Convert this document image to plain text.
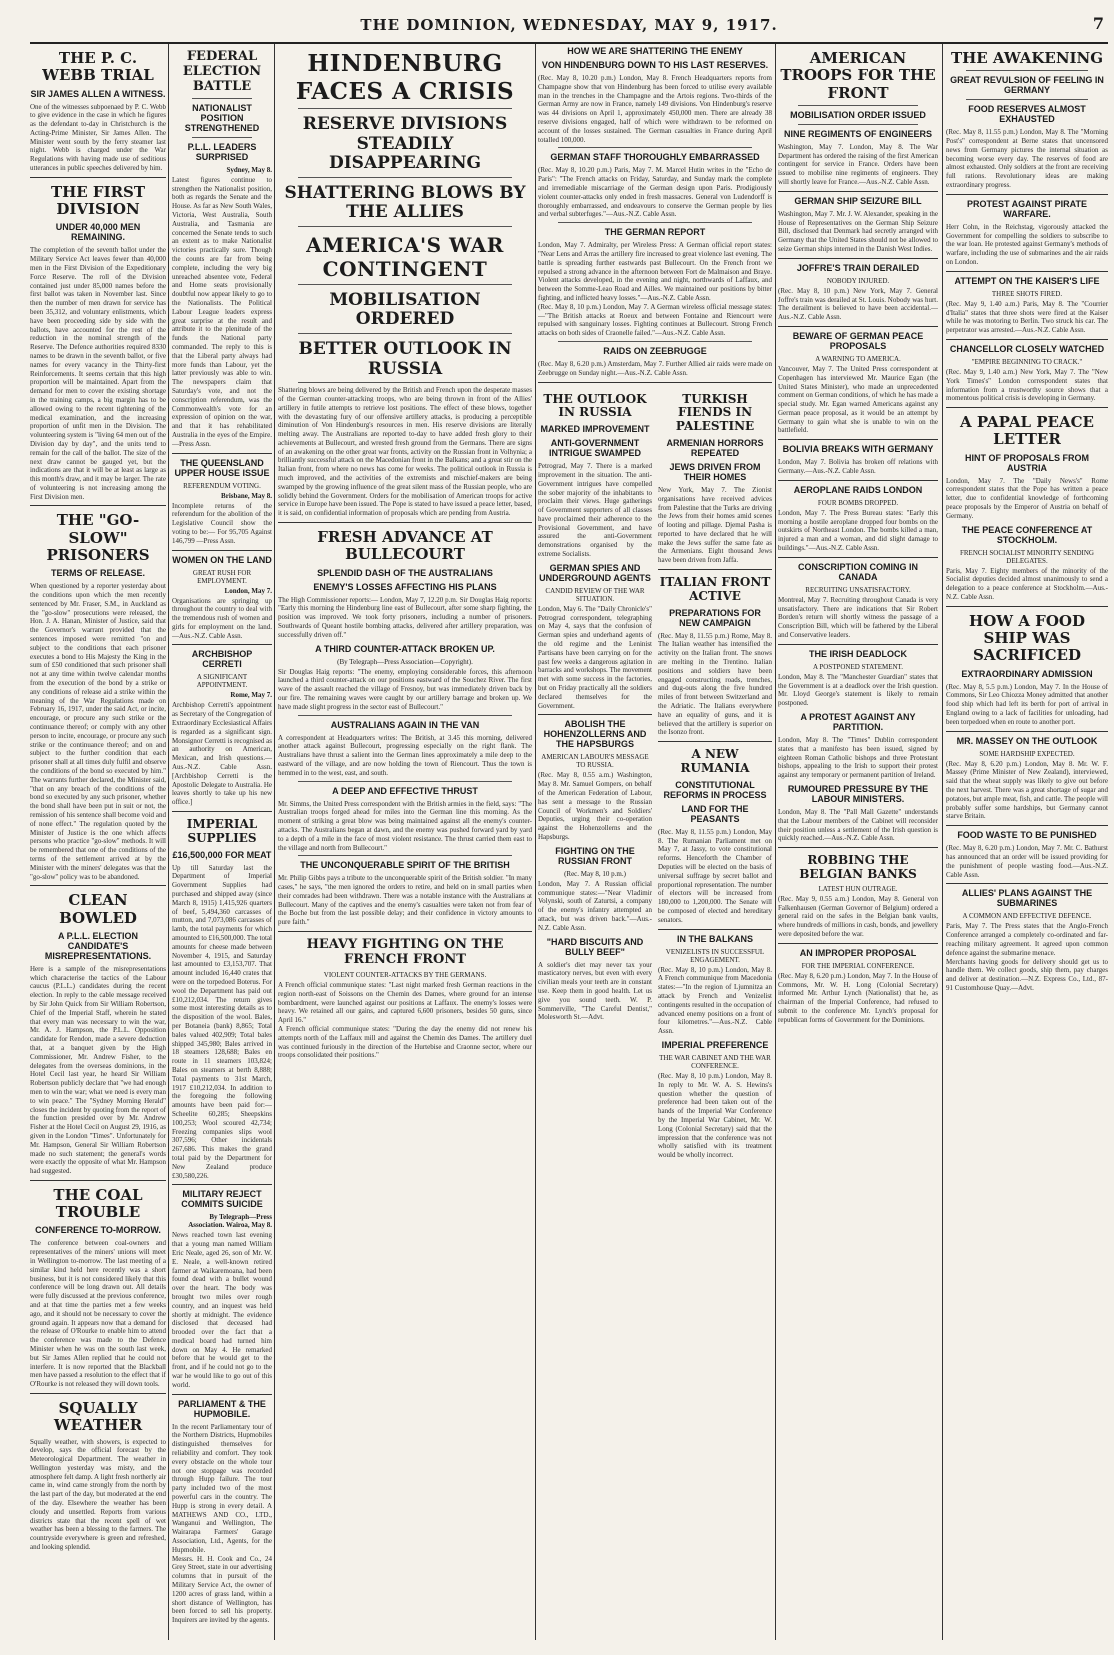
THE DOMINION, WEDNESDAY, MAY 9, 1917.	7
THE P. C. WEBB TRIAL
SIR JAMES ALLEN A WITNESS.
One of the witnesses subpoenaed by P. C. Webb to give evidence in the case in which he figures as the defendant to-day in Christchurch is the Acting-Prime Minister, Sir James Allen. The Minister went south by the ferry steamer last night. Webb is charged under the War Regulations with having made use of seditious utterances in public speeches delivered by him.
THE FIRST DIVISION
UNDER 40,000 MEN REMAINING.
The completion of the seventh ballot under the Military Service Act leaves fewer than 40,000 men in the First Division of the Expeditionary Force Reserve. The roll of the Division contained just under 85,000 names before the first ballot was taken in November last. Since then the number of men drawn for service has been 35,312, and voluntary enlistments, which have been proceeding side by side with the ballots, have accounted for the rest of the reduction in the nominal strength of the Reserve. The Defence authorities required 8330 names to be drawn in the seventh ballot, or five names for every vacancy in the Thirty-first Reinforcements. It seems certain that this high proportion will be maintained. Apart from the demand for men to cover the existing shortage in the training camps, a big margin has to be allowed owing to the recent tightening of the medical examination, and the increasing proportion of unfit men in the Division. The volunteering system is "living 64 men out of the Division day by day", and the units tend to remain for the call of the ballot. The size of the next draw cannot be gauged yet, but the indications are that it will be at least as large as this month's draw, and it may be larger. The rate of volunteering is not increasing among the First Division men.
THE "GO-SLOW" PRISONERS
TERMS OF RELEASE.
When questioned by a reporter yesterday about the conditions upon which the men recently sentenced by Mr. Fraser, S.M., in Auckland as the "go-slow" prosecutions were released, the Hon. J. A. Hanan, Minister of Justice, said that the Governor's warrant provided that the sentences imposed were remitted "on and subject to the conditions that each prisoner executes a bond to His Majesty the King in the sum of £50 conditioned that such prisoner shall not at any time within twelve calendar months from the execution of the bond by a strike or any conditions of release aid a strike within the meaning of the War Regulations made on February 16, 1917, under the said Act, or incite, encourage, or procure any such strike or the continuance thereof; or comply with any other person to incite, encourage, or procure any such strike or the continuance thereof; and on and subject to the further condition that each prisoner shall at all times duly fulfil and observe the conditions of the bond so executed by him." The warrants further declared, the Minister said, "that on any breach of the conditions of the bond so executed by any such prisoner, whether the bond shall have been put in suit or not, the remission of his sentence shall become void and of none effect." The regulation quoted by the Minister of Justice is the one which affects persons who practice "go-slow" methods. It will be remembered that one of the conditions of the terms of the settlement arrived at by the Minister with the miners' delegates was that the "go-slow" policy was to be abandoned.
CLEAN BOWLED
A P.L.L. ELECTION CANDIDATE'S MISREPRESENTATIONS.
Here is a sample of the misrepresentations which characterise the tactics of the Labour caucus (P.L.L.) candidates during the recent election. In reply to the cable message received by Sir John Quick from Sir William Robertson, Chief of the Imperial Staff, wherein he stated that every man was necessary to win the war, Mr. A. J. Hampson, the P.L.L. Opposition candidate for Rendon, made a severe deduction that, at a banquet given by the High Commissioner, Mr. Andrew Fisher, to the delegates from the overseas dominions, in the Hotel Cecil last year, he heard Sir William Robertson publicly declare that "we had enough men to win the war; what we need is every man to win peace." The "Sydney Morning Herald" closes the incident by quoting from the report of the function presided over by Mr. Andrew Fisher at the Hotel Cecil on August 29, 1916, as given in the London "Times". Unfortunately for Mr. Hampson, General Sir William Robertson made no such statement; the general's words were exactly the opposite of what Mr. Hampson had suggested.
THE COAL TROUBLE
CONFERENCE TO-MORROW.
The conference between coal-owners and representatives of the miners' unions will meet in Wellington to-morrow. The last meeting of a similar kind held here recently was a short business, but it is not considered likely that this conference will be long drawn out. All details were fully discussed at the previous conference, and at that time the parties met a few weeks ago, and it should not be necessary to cover the ground again. It appears now that a demand for the release of O'Rourke to enable him to attend the conference was made to the Defence Minister when he was on the south last week, but Sir James Allen replied that he could not interfere. It is now reported that the Blackball men have passed a resolution to the effect that if O'Rourke is not released they will down tools.
SQUALLY WEATHER
Squally weather, with showers, is expected to develop, says the official forecast by the Meteorological Department. The weather in Wellington yesterday was misty, and the atmosphere felt damp. A light fresh northerly air came in, wind came strongly from the north by the last part of the day, but moderated at the end of the day. Elsewhere the weather has been cloudy and unsettled. Reports from various districts state that the recent spell of wet weather has been a blessing to the farmers. The countryside everywhere is green and refreshed, and looking splendid.
FEDERAL ELECTION BATTLE
NATIONALIST POSITION STRENGTHENED
P.L.L. LEADERS SURPRISED
Sydney, May 8.
Latest figures continue to strengthen the Nationalist position, both as regards the Senate and the House. As far as New South Wales, Victoria, West Australia, South Australia, and Tasmania are concerned the Senate tends to such an extent as to make Nationalist victories practically sure. Though the counts are far from being complete, including the very big unreached absentee vote, Federal and Home seats provisionally doubtful now appear likely to go to the Nationalists. The Political Labour League leaders express great surprise at the result and attribute it to the plenitude of the funds the National party commanded. The reply to this is that the Liberal party always had more funds than Labour, yet the latter previously was able to win. The newspapers claim that Saturday's vote, and not the conscription referendum, was the Commonwealth's vote for an expression of opinion on the war, and that it has rehabilitated Australia in the eyes of the Empire.—Press Assn.
THE QUEENSLAND UPPER HOUSE ISSUE
REFERENDUM VOTING.
Brisbane, May 8.
Incomplete returns of the referendum for the abolition of the Legislative Council show the voting to be:— For 95,705 Against 146,799 —Press Assn.
WOMEN ON THE LAND
GREAT RUSH FOR EMPLOYMENT.
London, May 7.
Organisations are springing up throughout the country to deal with the tremendous rush of women and girls for employment on the land.—Aus.-N.Z. Cable Assn.
ARCHBISHOP CERRETI
A SIGNIFICANT APPOINTMENT.
Rome, May 7.
Archbishop Cerretti's appointment as Secretary of the Congregation of Extraordinary Ecclesiastical Affairs is regarded as a significant sign. Monsignor Cerretti is recognised as an authority on American, Mexican, and Irish questions.—Aus.-N.Z. Cable Assn. [Archbishop Cerretti is the Apostolic Delegate to Australia. He leaves shortly to take up his new office.]
IMPERIAL SUPPLIES
£16,500,000 FOR MEAT
Up till Saturday last the Department of Imperial Government Supplies had purchased and shipped away (since March 8, 1915) 1,415,926 quarters of beef, 5,494,360 carcasses of mutton, and 7,073,086 carcasses of lamb, the total payments for which amounted to £16,500,000. The total amounts for cheese made between November 4, 1915, and Saturday last amounted to £3,153,707. That amount included 16,440 crates that were on the torpedoed Boterus. For wool the Department has paid out £10,212,034. The return gives some most interesting details as to the disposition of the wool. Bales, per Botaneia (bank) 8,865; Total bales valued 402,909; Total bales shipped 345,980; Bales arrived in 18 steamers 128,688; Bales en route in 11 steamers 103,824; Bales on steamers at berth 8,888; Total payments to 31st March, 1917 £10,212,034. In addition to the foregoing the following amounts have been paid for:— Scheelite 60,285; Sheepskins 100,253; Wool scoured 42,734; Freezing companies slips wool 307,596; Other incidentals 267,686. This makes the grand total paid by the Department for New Zealand produce £30,580,226.
MILITARY REJECT COMMITS SUICIDE
By Telegraph—Press Association. Wairoa, May 8.
News reached town last evening that a young man named William Eric Neale, aged 26, son of Mr. W. E. Neale, a well-known retired farmer at Waikaremoana, had been found dead with a bullet wound over the heart. The body was brought two miles over rough country, and an inquest was held shortly at midnight. The evidence disclosed that deceased had brooded over the fact that a medical board had turned him down on May 4. He remarked before that he would get to the front, and if he could not go to the war he would like to go out of this world.
PARLIAMENT & THE HUPMOBILE.
In the recent Parliamentary tour of the Northern Districts, Hupmobiles distinguished themselves for reliability and comfort. They took every obstacle on the whole tour not one stoppage was recorded through Hupp failure. The tour party included two of the most powerful cars in the country. The Hupp is strong in every detail. A MATHEWS AND CO., LTD., Wanganui and Wellington, The Wairarapa Farmers' Garage Association, Ltd., Agents, for the Hupmobile.
Messrs. H. H. Cook and Co., 24 Grey Street, state in our advertising columns that in pursuit of the Military Service Act, the owner of 1200 acres of grass land, within a short distance of Wellington, has been forced to sell his property. Inquirers are invited by the agents.
HINDENBURG FACES A CRISIS
RESERVE DIVISIONS STEADILY DISAPPEARING
SHATTERING BLOWS BY THE ALLIES
AMERICA'S WAR CONTINGENT
MOBILISATION ORDERED
BETTER OUTLOOK IN RUSSIA
Shattering blows are being delivered by the British and French upon the desperate masses of the German counter-attacking troops, who are being thrown in front of the Allies' artillery in futile attempts to retrieve lost positions. The effect of these blows, together with the devastating fury of our offensive artillery attacks, is producing a perceptible diminution of Von Hindenburg's resources in men. His reserve divisions are literally melting away. The Australians are reported to-day to have added fresh glory to their achievements at Bullecourt, and wrested fresh ground from the Germans. There are signs of an awakening on the other great war fronts, activity on the Russian front in Volhynia; a brilliantly successful attack on the Macedonian front in the Balkans; and a great stir on the Italian front, from where no news has come for weeks. The political outlook in Russia is much improved, and the activities of the extremists and mischief-makers are being swamped by the growing influence of the great silent mass of the Russian people, who are solidly behind the Government. Orders for the mobilisation of American troops for active service in Europe have been issued. The Pope is stated to have issued a peace letter, based, it is said, on confidential information of proposals which are pending from Austria.
FRESH ADVANCE AT BULLECOURT
SPLENDID DASH OF THE AUSTRALIANS
ENEMY'S LOSSES AFFECTING HIS PLANS
The High Commissioner reports:— London, May 7, 12.20 p.m. Sir Douglas Haig reports: "Early this morning the Hindenburg line east of Bullecourt, after some sharp fighting, the position was improved. We took forty prisoners, including a number of prisoners. Southwards of Queant hostile bombing attacks, delivered after artillery preparation, was successfully driven off."
A THIRD COUNTER-ATTACK BROKEN UP.
(By Telegraph—Press Association—Copyright).
Sir Douglas Haig reports: "The enemy, employing considerable forces, this afternoon launched a third counter-attack on our positions eastward of the Souchez River. The first wave of the assault reached the village of Fresnoy, but was immediately driven back by our fire. The remaining waves were caught by our artillery barrage and broken up. We have made slight progress in the sector east of Bullecourt."
AUSTRALIANS AGAIN IN THE VAN
A correspondent at Headquarters writes: The British, at 3.45 this morning, delivered another attack against Bullecourt, progressing especially on the right flank. The Australians have thrust a salient into the German lines approximately a mile deep to the eastward of the village, and are now holding the town of Riencourt. Thus the town is hemmed in to the west, east, and south.
A DEEP AND EFFECTIVE THRUST
Mr. Simms, the United Press correspondent with the British armies in the field, says: "The Australian troops forged ahead for miles into the German line this morning. As the moment of striking a great blow was being maintained against all the enemy's counter-attacks. The Australians began at dawn, and the enemy was pushed forward yard by yard to a depth of a mile in the face of most violent resistance. The thrust carried them east to the village and north from Bullecourt."
THE UNCONQUERABLE SPIRIT OF THE BRITISH
Mr. Philip Gibbs pays a tribute to the unconquerable spirit of the British soldier. "In many cases," he says, "the men ignored the orders to retire, and held on in small parties when their comrades had been withdrawn. There was a notable instance with the Australians at Bullecourt. Many of the captives and the enemy's casualties were taken not from fear of the Boche but from the last possible delay; and their confidence in victory amounts to pure faith."
HEAVY FIGHTING ON THE FRENCH FRONT
VIOLENT COUNTER-ATTACKS BY THE GERMANS.
A French official communique states: "Last night marked fresh German reactions in the region north-east of Soissons on the Chemin des Dames, where ground for an intense bombardment, were launched against our positions at Laffaux. The enemy's losses were heavy. We retained all our gains, and captured 6,600 prisoners, besides 50 guns, since April 16."
A French official communique states: "During the day the enemy did not renew his attempts north of the Laffaux mill and against the Chemin des Dames. The artillery duel was continued furiously in the direction of the Hurtebise and Craonne sector, where our troops consolidated their positions."
HOW WE ARE SHATTERING THE ENEMY
VON HINDENBURG DOWN TO HIS LAST RESERVES.
(Rec. May 8, 10.20 p.m.) London, May 8. French Headquarters reports from Champagne show that von Hindenburg has been forced to utilise every available man in the trenches in the Champagne and the Artois regions. Two-thirds of the German Army are now in France, namely 149 divisions. Von Hindenburg's reserve was 44 divisions on April 1, approximately 450,000 men. There are already 38 reserve divisions engaged, half of which were withdrawn to be reformed on account of the losses sustained. The German casualties in France during April totalled 100,000.
GERMAN STAFF THOROUGHLY EMBARRASSED
(Rec. May 8, 10.20 p.m.) Paris, May 7. M. Marcel Hutin writes in the "Echo de Paris": "The French attacks on Friday, Saturday, and Sunday mark the complete and irremediable miscarriage of the German design upon Paris. Prodigiously violent counter-attacks only ended in fresh massacres. General von Ludendorff is thoroughly embarrassed, and endeavours to conserve the German people by lies and verbal subterfuges."—Aus.-N.Z. Cable Assn.
THE GERMAN REPORT
London, May 7. Admiralty, per Wireless Press: A German official report states: "Near Lens and Arras the artillery fire increased to great violence last evening. The battle is spreading further eastwards past Bullecourt. On the French front we repulsed a strong advance in the afternoon between Fort de Malmaison and Braye. Violent attacks developed, in the evening and night, northwards of Laffaux, and between the Somme-Leao Road and Ailles. We maintained our positions by bitter fighting, and inflicted heavy losses."—Aus.-N.Z. Cable Assn.
(Rec. May 8, 10 p.m.) London, May 7. A German wireless official message states:—"The British attacks at Roeux and between Fontaine and Riencourt were repulsed with sanguinary losses. Fighting continues at Bullecourt. Strong French attacks on both sides of Craonelle failed."—Aus.-N.Z. Cable Assn.
RAIDS ON ZEEBRUGGE
(Rec. May 8, 6.20 p.m.) Amsterdam, May 7. Further Allied air raids were made on Zeebrugge on Sunday night.—Aus.-N.Z. Cable Assn.
THE OUTLOOK IN RUSSIA
MARKED IMPROVEMENT
ANTI-GOVERNMENT INTRIGUE SWAMPED
Petrograd, May 7. There is a marked improvement in the situation. The anti-Government intrigues have compelled the sober majority of the inhabitants to proclaim their views. Huge gatherings of Government supporters of all classes have proclaimed their adherence to the Provisional Government, and have assured the anti-Government demonstrations organised by the extreme Socialists.
GERMAN SPIES AND UNDERGROUND AGENTS
CANDID REVIEW OF THE WAR SITUATION.
London, May 6. The "Daily Chronicle's" Petrograd correspondent, telegraphing on May 4, says that the confusion of German spies and underhand agents of the old regime and the Leninist Partisans have been carrying on for the past few weeks a dangerous agitation in barracks and workshops. The movement met with some success in the factories, but on Friday practically all the soldiers declared themselves for the Government.
ABOLISH THE HOHENZOLLERNS AND THE HAPSBURGS
AMERICAN LABOUR'S MESSAGE TO RUSSIA.
(Rec. May 8, 0.55 a.m.) Washington, May 8. Mr. Samuel Gompers, on behalf of the American Federation of Labour, has sent a message to the Russian Council of Workmen's and Soldiers' Deputies, urging their co-operation against the Hohenzollerns and the Hapsburgs.
FIGHTING ON THE RUSSIAN FRONT
(Rec. May 8, 10 p.m.)
London, May 7. A Russian official communique states:—"Near Vladimir Volynski, south of Zaturtsi, a company of the enemy's infantry attempted an attack, but was driven back."—Aus.-N.Z. Cable Assn.
"HARD BISCUITS AND BULLY BEEF"
A soldier's diet may never tax your masticatory nerves, but even with every civilian meals your teeth are in constant use. Keep them in good health. Let us give you sound teeth. W. P. Sommerville, "The Careful Dentist," Molesworth St.—Advt.
TURKISH FIENDS IN PALESTINE
ARMENIAN HORRORS REPEATED
JEWS DRIVEN FROM THEIR HOMES
New York, May 7. The Zionist organisations have received advices from Palestine that the Turks are driving the Jews from their homes amid scenes of looting and pillage. Djemal Pasha is reported to have declared that he will make the Jews suffer the same fate as the Armenians. Eight thousand Jews have been driven from Jaffa.
ITALIAN FRONT ACTIVE
PREPARATIONS FOR NEW CAMPAIGN
(Rec. May 8, 11.55 p.m.) Rome, May 8. The Italian weather has intensified the activity on the Italian front. The snows are melting in the Trentino. Italian positions and soldiers have been engaged constructing roads, trenches, and dug-outs along the five hundred miles of front between Switzerland and the Adriatic. The Italians everywhere have an equality of guns, and it is believed that the artillery is superior on the Isonzo front.
A NEW RUMANIA
CONSTITUTIONAL REFORMS IN PROCESS
LAND FOR THE PEASANTS
(Rec. May 8, 11.55 p.m.) London, May 8. The Rumanian Parliament met on May 7, at Jassy, to vote constitutional reforms. Henceforth the Chamber of Deputies will be elected on the basis of universal suffrage by secret ballot and proportional representation. The number of electors will be increased from 180,000 to 1,200,000. The Senate will be composed of elected and hereditary senators.
IN THE BALKANS
VENIZELISTS IN SUCCESSFUL ENGAGEMENT.
(Rec. May 8, 10 p.m.) London, May 8. A French communique from Macedonia states:—"In the region of Ljumnitza an attack by French and Venizelist contingents resulted in the occupation of advanced enemy positions on a front of four kilometres."—Aus.-N.Z. Cable Assn.
IMPERIAL PREFERENCE
THE WAR CABINET AND THE WAR CONFERENCE.
(Rec. May 8, 10 p.m.) London, May 8. In reply to Mr. W. A. S. Hewins's question whether the question of preference had been taken out of the hands of the Imperial War Conference by the Imperial War Cabinet, Mr. W. Long (Colonial Secretary) said that the impression that the conference was not wholly satisfied with its treatment would be wholly incorrect.
AMERICAN TROOPS FOR THE FRONT
MOBILISATION ORDER ISSUED
NINE REGIMENTS OF ENGINEERS
Washington, May 7. London, May 8. The War Department has ordered the raising of the first American contingent for service in France. Orders have been issued to mobilise nine regiments of engineers. They will shortly leave for France.—Aus.-N.Z. Cable Assn.
GERMAN SHIP SEIZURE BILL
Washington, May 7. Mr. J. W. Alexander, speaking in the House of Representatives on the German Ship Seizure Bill, disclosed that Denmark had secretly arranged with Germany that the United States should not be allowed to seize German ships interned in the Danish West Indies.
JOFFRE'S TRAIN DERAILED
NOBODY INJURED.
(Rec. May 8, 10 p.m.) New York, May 7. General Joffre's train was derailed at St. Louis. Nobody was hurt. The derailment is believed to have been accidental.—Aus.-N.Z. Cable Assn.
BEWARE OF GERMAN PEACE PROPOSALS
A WARNING TO AMERICA.
Vancouver, May 7. The United Press correspondent at Copenhagen has interviewed Mr. Maurice Egan (the United States Minister), who made an unprecedented comment on German conditions, of which he has made a special study. Mr. Egan warned Americans against any German peace proposal, as it would be an attempt by Germany to gain what she is unable to win on the battlefield.
BOLIVIA BREAKS WITH GERMANY
London, May 7. Bolivia has broken off relations with Germany.—Aus.-N.Z. Cable Assn.
AEROPLANE RAIDS LONDON
FOUR BOMBS DROPPED.
London, May 7. The Press Bureau states: "Early this morning a hostile aeroplane dropped four bombs on the outskirts of Northeast London. The bombs killed a man, injured a man and a woman, and did slight damage to buildings."—Aus.-N.Z. Cable Assn.
CONSCRIPTION COMING IN CANADA
RECRUITING UNSATISFACTORY.
Montreal, May 7. Recruiting throughout Canada is very unsatisfactory. There are indications that Sir Robert Borden's return will shortly witness the passage of a Conscription Bill, which will be fathered by the Liberal and Conservative leaders.
THE IRISH DEADLOCK
A POSTPONED STATEMENT.
London, May 8. The "Manchester Guardian" states that the Government is at a deadlock over the Irish question. Mr. Lloyd George's statement is likely to remain postponed.
A PROTEST AGAINST ANY PARTITION.
London, May 8. The "Times" Dublin correspondent states that a manifesto has been issued, signed by eighteen Roman Catholic bishops and three Protestant bishops, appealing to the Irish to support their protest against any temporary or permanent partition of Ireland.
RUMOURED PRESSURE BY THE LABOUR MINISTERS.
London, May 8. The "Pall Mall Gazette" understands that the Labour members of the Cabinet will reconsider their position unless a settlement of the Irish question is quickly reached.—Aus.-N.Z. Cable Assn.
ROBBING THE BELGIAN BANKS
LATEST HUN OUTRAGE.
(Rec. May 9, 0.55 a.m.) London, May 8. General von Falkenhausen (German Governor of Belgium) ordered a general raid on the safes in the Belgian bank vaults, where hundreds of millions in cash, bonds, and jewellery were deposited before the war.
AN IMPROPER PROPOSAL
FOR THE IMPERIAL CONFERENCE.
(Rec. May 8, 6.20 p.m.) London, May 7. In the House of Commons, Mr. W. H. Long (Colonial Secretary) informed Mr. Arthur Lynch (Nationalist) that he, as chairman of the Imperial Conference, had refused to submit to the conference Mr. Lynch's proposal for republican forms of Government for the Dominions.
THE AWAKENING
GREAT REVULSION OF FEELING IN GERMANY
FOOD RESERVES ALMOST EXHAUSTED
(Rec. May 8, 11.55 p.m.) London, May 8. The "Morning Post's" correspondent at Berne states that uncensored news from Germany pictures the internal situation as becoming worse every day. The reserves of food are almost exhausted. Only soldiers at the front are receiving full rations. Revolutionary ideas are making extraordinary progress.
PROTEST AGAINST PIRATE WARFARE.
Herr Cohn, in the Reichstag, vigorously attacked the Government for compelling the soldiers to subscribe to the war loan. He protested against Germany's methods of warfare, including the use of submarines and the air raids on London.
ATTEMPT ON THE KAISER'S LIFE
THREE SHOTS FIRED.
(Rec. May 9, 1.40 a.m.) Paris, May 8. The "Courrier d'Italia" states that three shots were fired at the Kaiser while he was motoring to Berlin. Two struck his car. The perpetrator was arrested.—Aus.-N.Z. Cable Assn.
CHANCELLOR CLOSELY WATCHED
"EMPIRE BEGINNING TO CRACK."
(Rec. May 9, 1.40 a.m.) New York, May 7. The "New York Times's" London correspondent states that information from a trustworthy source shows that a momentous political crisis is developing in Germany.
A PAPAL PEACE LETTER
HINT OF PROPOSALS FROM AUSTRIA
London, May 7. The "Daily News's" Rome correspondent states that the Pope has written a peace letter, due to confidential knowledge of forthcoming peace proposals by the Emperor of Austria on behalf of Germany.
THE PEACE CONFERENCE AT STOCKHOLM.
FRENCH SOCIALIST MINORITY SENDING DELEGATES.
Paris, May 7. Eighty members of the minority of the Socialist deputies decided almost unanimously to send a delegation to a peace conference at Stockholm.—Aus.-N.Z. Cable Assn.
HOW A FOOD SHIP WAS SACRIFICED
EXTRAORDINARY ADMISSION
(Rec. May 8, 5.5 p.m.) London, May 7. In the House of Commons, Sir Leo Chiozza Money admitted that another food ship which had left its berth for port of arrival in England owing to a lack of facilities for unloading, had been torpedoed when en route to another port.
MR. MASSEY ON THE OUTLOOK
SOME HARDSHIP EXPECTED.
(Rec. May 8, 6.20 p.m.) London, May 8. Mr. W. F. Massey (Prime Minister of New Zealand), interviewed, said that the wheat supply was likely to give out before the next harvest. There was a great shortage of sugar and potatoes, but ample meat, fish, and cattle. The people will probably suffer some hardships, but Germany cannot starve Britain.
FOOD WASTE TO BE PUNISHED
(Rec. May 8, 6.20 p.m.) London, May 7. Mr. C. Bathurst has announced that an order will be issued providing for the punishment of people wasting food.—Aus.-N.Z. Cable Assn.
ALLIES' PLANS AGAINST THE SUBMARINES
A COMMON AND EFFECTIVE DEFENCE.
Paris, May 7. The Press states that the Anglo-French Conference arranged a completely co-ordinated and far-reaching military agreement. It agreed upon common defence against the submarine menace.
Merchants having goods for delivery should get us to handle them. We collect goods, ship them, pay charges and deliver at destination.—N.Z. Express Co., Ltd., 87-91 Customhouse Quay.—Advt.
